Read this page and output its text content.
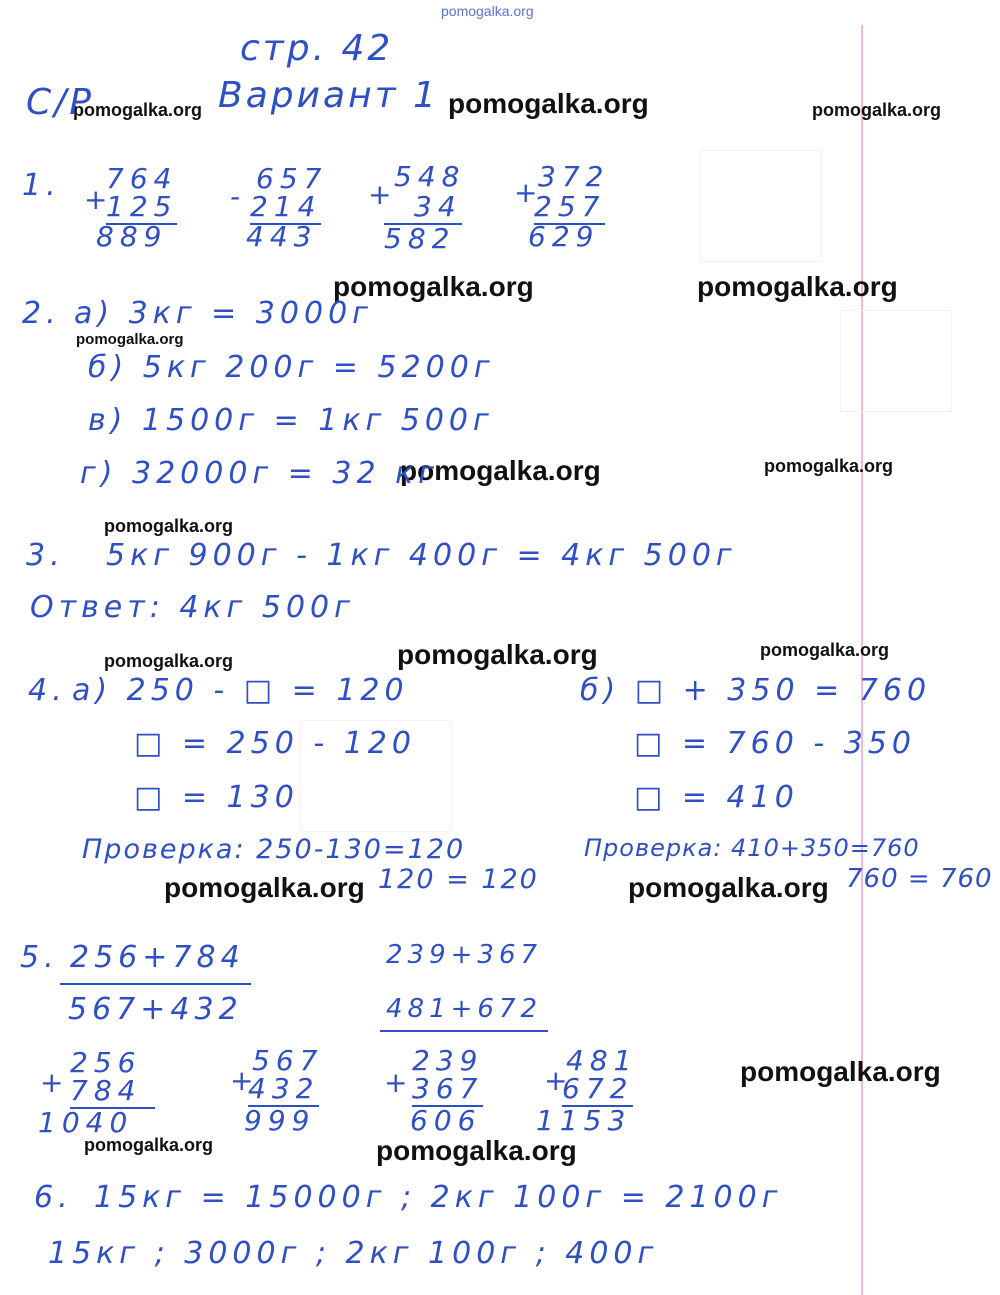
pomogalka.org
pomogalka.org	pomogalka.org	pomogalka.org
pomogalka.org	pomogalka.org
pomogalka.org
pomogalka.org	pomogalka.org
pomogalka.org
pomogalka.org	pomogalka.org
pomogalka.org
pomogalka.org	pomogalka.org
pomogalka.org
pomogalka.org	pomogalka.org
стр. 42
С/Р	Вариант 1
1. +
764
125
889
-
657
214
443
+
548
34
582
+
372
257
629
2. а) 3кг = 3000г
б) 5кг 200г = 5200г
в) 1500г = 1кг 500г
г) 32000г = 32 кг
3. 5кг 900г - 1кг 400г = 4кг 500г
Ответ: 4кг 500г
4. а) 250 - □ = 120
□ = 250 - 120
□ = 130
Проверка: 250-130=120
120 = 120
б) □ + 350 = 760
□ = 760 - 350
□ = 410
Проверка: 410+350=760
760 = 760
5. 256+784
567+432
239+367
481+672
+
256
784
1040
+
567
432
999
+
239
367
606
+
481
672
1153
6. 15кг = 15000г ; 2кг 100г = 2100г
15кг ; 3000г ; 2кг 100г ; 400г
